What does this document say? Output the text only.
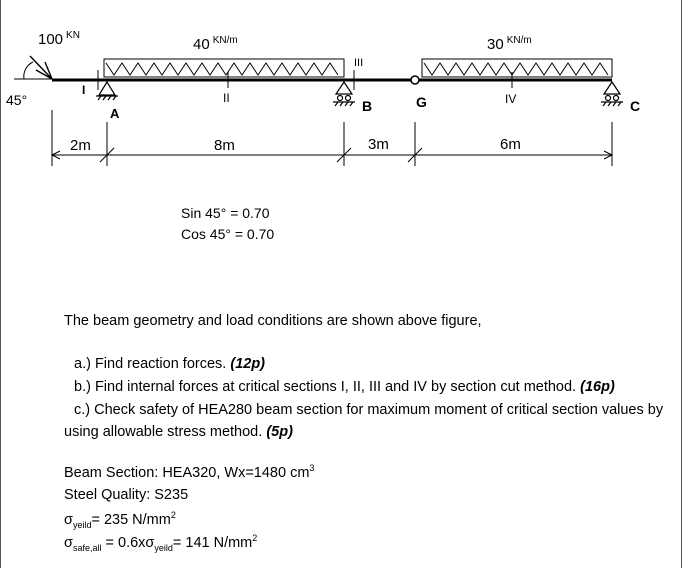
100 $^{KN}$
45°
40 $^{KN/m}$	30 $^{KN/m}$
I
II
III
IV
A	B	C
G
2m	8m	3m	6m
Sin 45° = 0.70
Cos 45° = 0.70
The beam geometry and load conditions are shown above figure,
a.) Find reaction forces. (12p)
b.) Find internal forces at critical sections I, II, III and IV by section cut method. (16p)
c.) Check safety of HEA280 beam section for maximum moment of critical section values by
using allowable stress method. (5p)
Beam Section: HEA320, Wx=1480 $cm^3$
Steel Quality: S235
$\sigma_{yeild}= 235$ $N/mm^2$
$\sigma_{safe,all} = 0.6x\sigma_{yeild}= 141$ $N/mm^2$
